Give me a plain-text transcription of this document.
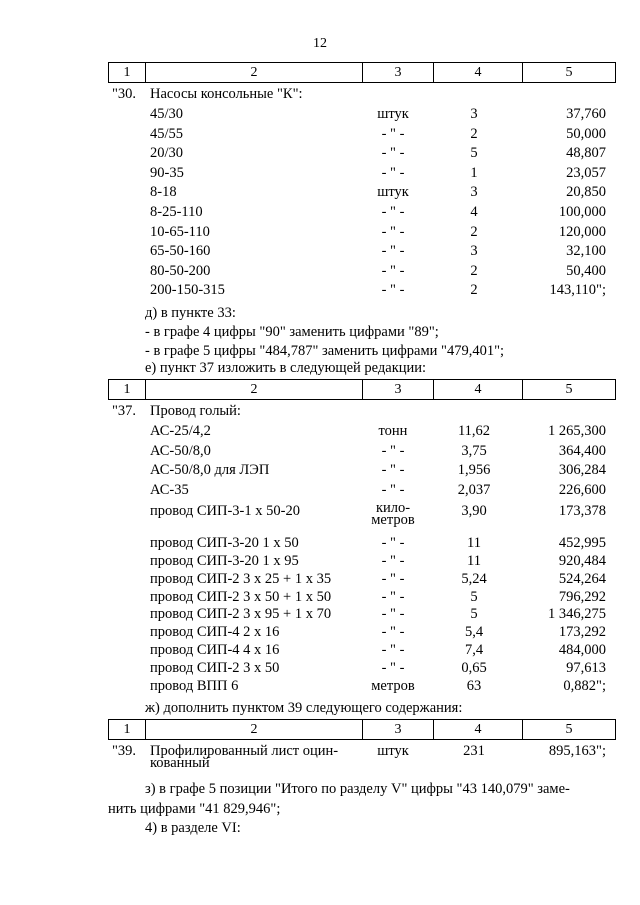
12
1	2	3	4	5
"30. Насосы консольные "К":
45/30	штук	3	37,760
45/55	- " -	2	50,000
20/30	- " -	5	48,807
90-35	- " -	1	23,057
8-18	штук	3	20,850
8-25-110	- " -	4	100,000
10-65-110	- " -	2	120,000
65-50-160	- " -	3	32,100
80-50-200	- " -	2	50,400
200-150-315	- " -	2	143,110";
д) в пункте 33:
- в графе 4 цифры "90" заменить цифрами "89";
- в графе 5 цифры "484,787" заменить цифрами "479,401";
е) пункт 37 изложить в следующей редакции:
1	2	3	4	5
"37. Провод голый:
АС-25/4,2	тонн	11,62	1 265,300
АС-50/8,0	- " -	3,75	364,400
АС-50/8,0 для ЛЭП	- " -	1,956	306,284
АС-35	- " -	2,037	226,600
провод СИП-3-1 х 50-20	кило-
метров
3,90	173,378
провод СИП-3-20 1 х 50	- " -	11	452,995
провод СИП-3-20 1 х 95	- " -	11	920,484
провод СИП-2 3 х 25 + 1 х 35	- " -	5,24	524,264
провод СИП-2 3 х 50 + 1 х 50	- " -	5	796,292
провод СИП-2 3 х 95 + 1 х 70	- " -	5	1 346,275
провод СИП-4 2 х 16	- " -	5,4	173,292
провод СИП-4 4 х 16	- " -	7,4	484,000
провод СИП-2 3 х 50	- " -	0,65	97,613
провод ВПП 6	метров	63	0,882";
ж) дополнить пунктом 39 следующего содержания:
1	2	3	4	5
"39. Профилированный лист оцин-
кованный
штук	231	895,163";
з) в графе 5 позиции "Итого по разделу V" цифры "43 140,079" заме-
нить цифрами "41 829,946";
4) в разделе VI:
